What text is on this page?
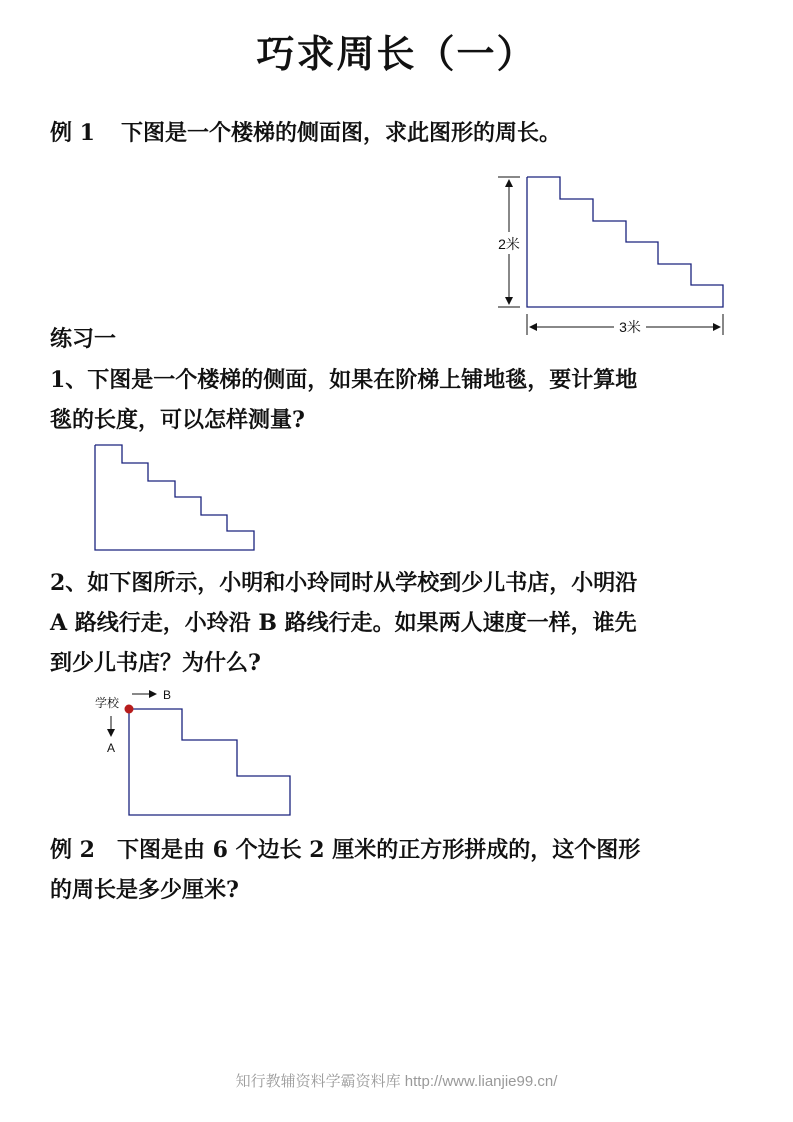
巧求周长（一）
例 1 下图是一个楼梯的侧面图，求此图形的周长。
2米
3米
练习一
1、下图是一个楼梯的侧面，如果在阶梯上铺地毯，要计算地
毯的长度，可以怎样测量?
2、如下图所示，小明和小玲同时从学校到少儿书店，小明沿
A 路线行走，小玲沿 B 路线行走。如果两人速度一样，谁先
到少儿书店？为什么?
学校
B
A
例 2　下图是由 6 个边长 2 厘米的正方形拼成的，这个图形
的周长是多少厘米?
知行教辅资料学霸资料库 http://www.lianjie99.cn/
